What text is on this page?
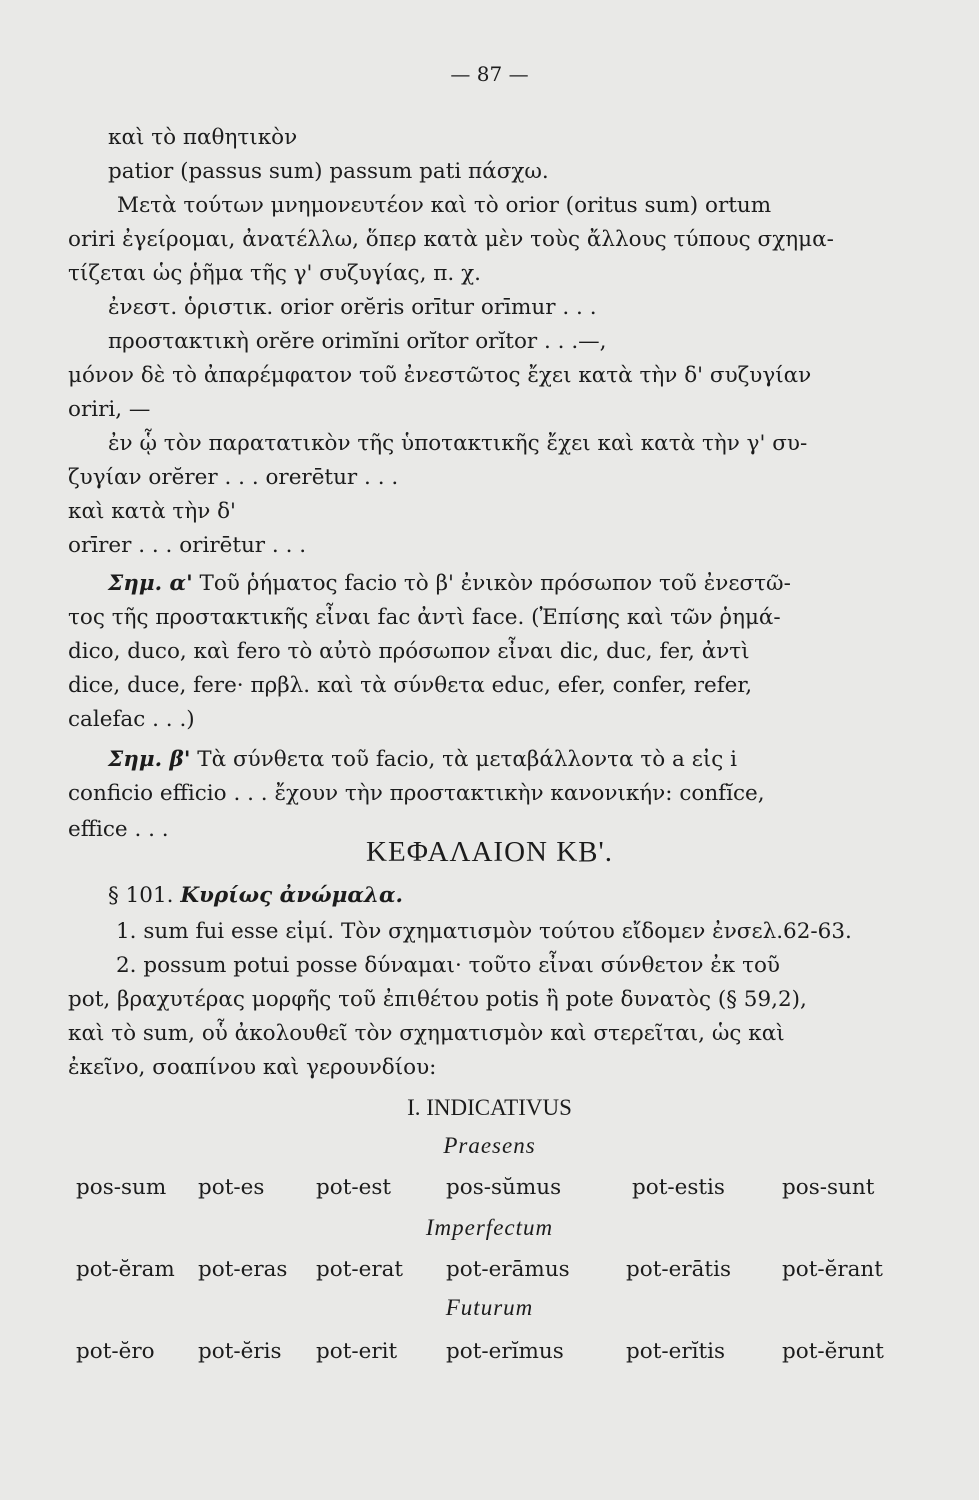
— 87 —
καὶ τὸ παθητικὸν
patior (passus sum) passum pati πάσχω.
Μετὰ τούτων μνημονευτέον καὶ τὸ orior (oritus sum) ortum
oriri ἐγείρομαι, ἀνατέλλω, ὅπερ κατὰ μὲν τοὺς ἄλλους τύπους σχημα-
τίζεται ὡς ῥῆμα τῆς γ' συζυγίας, π. χ.
ἐνεστ. ὁριστικ. orior orĕris orītur orīmur . . .
προστακτικὴ orĕre orimĭni orĭtor orĭtor . . .—,
μόνον δὲ τὸ ἀπαρέμφατον τοῦ ἐνεστῶτος ἔχει κατὰ τὴν δ' συζυγίαν
oriri, —
ἐν ᾧ τὸν παρατατικὸν τῆς ὑποτακτικῆς ἔχει καὶ κατὰ τὴν γ' συ-
ζυγίαν orĕrer . . . orerētur . . .
καὶ κατὰ τὴν δ'
orīrer . . . orirētur . . .
Σημ. α' Τοῦ ῥήματος facio τὸ β' ἐνικὸν πρόσωπον τοῦ ἐνεστῶ-
τος τῆς προστακτικῆς εἶναι fac ἀντὶ face. (Ἐπίσης καὶ τῶν ῥημά-
dico, duco, καὶ fero τὸ αὐτὸ πρόσωπον εἶναι dic, duc, fer, ἀντὶ
dice, duce, fere· πρβλ. καὶ τὰ σύνθετα educ, efer, confer, refer,
calefac . . .)
Σημ. β' Τὰ σύνθετα τοῦ facio, τὰ μεταβάλλοντα τὸ a εἰς i
conficio efficio . . . ἔχουν τὴν προστακτικὴν κανονικήν: confĭce,
effice . . .
ΚΕΦΑΛΑΙΟΝ ΚΒ'.
§ 101. Κυρίως ἀνώμαλα.
1. sum fui esse εἰμί. Τὸν σχηματισμὸν τούτου εἴδομεν ἐνσελ.62-63.
2. possum potui posse δύναμαι· τοῦτο εἶναι σύνθετον ἐκ τοῦ
pot, βραχυτέρας μορφῆς τοῦ ἐπιθέτου potis ἢ pote δυνατὸς (§ 59,2),
καὶ τὸ sum, οὗ ἀκολουθεῖ τὸν σχηματισμὸν καὶ στερεῖται, ὡς καὶ
ἐκεῖνο, σοαπίνου καὶ γερουνδίου:
I. INDICATIVUS
Praesens
pos-sum pot-es pot-est	pos-sŭmus	pot-estis	pos-sunt
Imperfectum
pot-ĕram pot-eras pot-erat pot-erāmus	pot-erātis pot-ĕrant
Futurum
pot-ĕro pot-ĕris pot-erit pot-erĭmus	pot-erĭtis	pot-ĕrunt
